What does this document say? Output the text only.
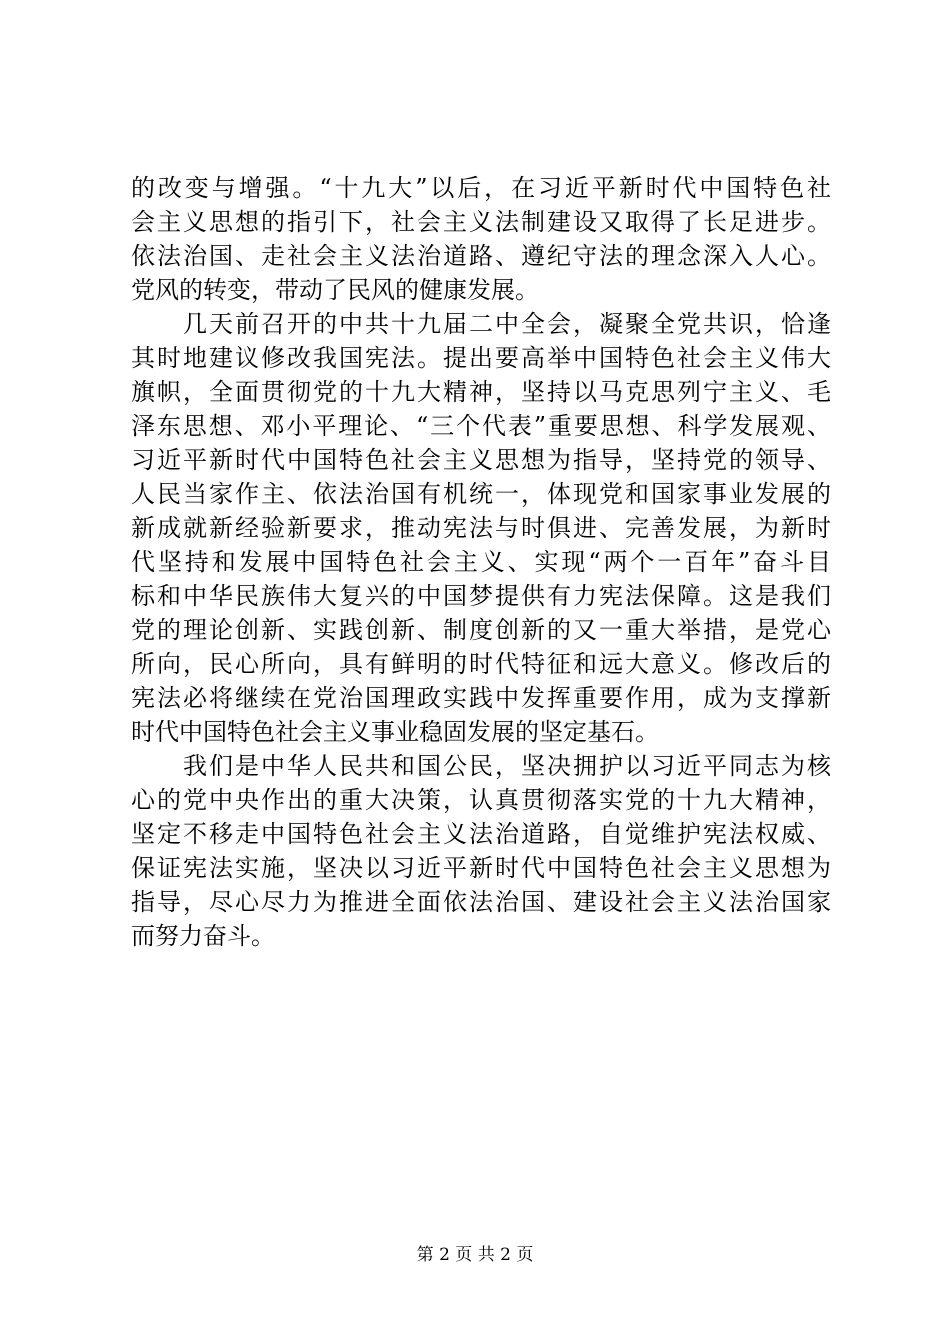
的改变与增强。“十九大”以后，在习近平新时代中国特色社
会主义思想的指引下，社会主义法制建设又取得了长足进步。
依法治国、走社会主义法治道路、遵纪守法的理念深入人心。
党风的转变，带动了民风的健康发展。
　　几天前召开的中共十九届二中全会，凝聚全党共识，恰逢
其时地建议修改我国宪法。提出要高举中国特色社会主义伟大
旗帜，全面贯彻党的十九大精神，坚持以马克思列宁主义、毛
泽东思想、邓小平理论、“三个代表”重要思想、科学发展观、
习近平新时代中国特色社会主义思想为指导，坚持党的领导、
人民当家作主、依法治国有机统一，体现党和国家事业发展的
新成就新经验新要求，推动宪法与时俱进、完善发展，为新时
代坚持和发展中国特色社会主义、实现“两个一百年”奋斗目
标和中华民族伟大复兴的中国梦提供有力宪法保障。这是我们
党的理论创新、实践创新、制度创新的又一重大举措，是党心
所向，民心所向，具有鲜明的时代特征和远大意义。修改后的
宪法必将继续在党治国理政实践中发挥重要作用，成为支撑新
时代中国特色社会主义事业稳固发展的坚定基石。
　　我们是中华人民共和国公民，坚决拥护以习近平同志为核
心的党中央作出的重大决策，认真贯彻落实党的十九大精神，
坚定不移走中国特色社会主义法治道路，自觉维护宪法权威、
保证宪法实施，坚决以习近平新时代中国特色社会主义思想为
指导，尽心尽力为推进全面依法治国、建设社会主义法治国家
而努力奋斗。
第 2 页 共 2 页
